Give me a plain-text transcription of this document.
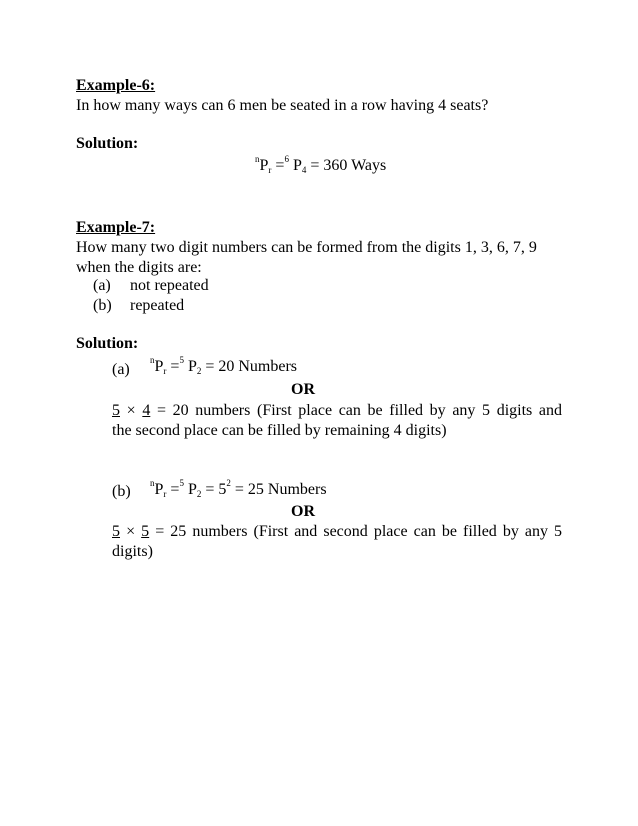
Example-6:
In how many ways can 6 men be seated in a row having 4 seats?
Solution:
$^nP_r =^6$ $P_4 = 360$ Ways
Example-7:
How many two digit numbers can be formed from the digits 1, 3, 6, 7, 9
when the digits are:
(a) not repeated
(b) repeated
Solution:
(a)
$^nP_r =^5$ $P_2 = 20$ Numbers
OR
5 × 4 = 20 numbers (First place can be filled by any 5 digits and
the second place can be filled by remaining 4 digits)
(b) $^nP_r =^5$ $P_2 = 5^2 = 25$ Numbers
OR
5 × 5 = 25 numbers (First and second place can be filled by any 5
digits)
